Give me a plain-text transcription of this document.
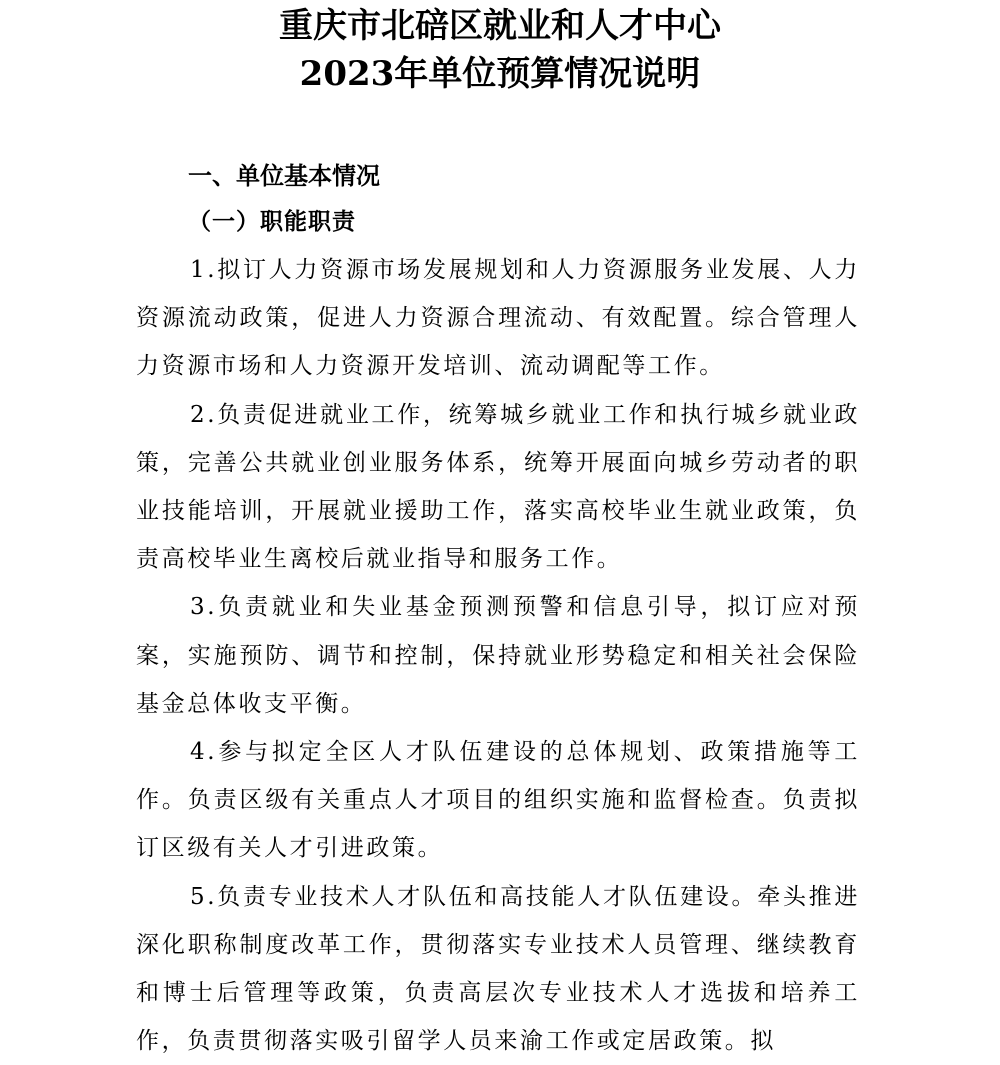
重庆市北碚区就业和人才中心
2023年单位预算情况说明
一、单位基本情况
（一）职能职责

1.拟订人力资源市场发展规划和人力资源服务业发展、人力资源流动政策，促进人力资源合理流动、有效配置。综合管理人力资源市场和人力资源开发培训、流动调配等工作。

2.负责促进就业工作，统筹城乡就业工作和执行城乡就业政策，完善公共就业创业服务体系，统筹开展面向城乡劳动者的职业技能培训，开展就业援助工作，落实高校毕业生就业政策，负责高校毕业生离校后就业指导和服务工作。

3.负责就业和失业基金预测预警和信息引导，拟订应对预案，实施预防、调节和控制，保持就业形势稳定和相关社会保险基金总体收支平衡。

4.参与拟定全区人才队伍建设的总体规划、政策措施等工作。负责区级有关重点人才项目的组织实施和监督检查。负责拟订区级有关人才引进政策。

5.负责专业技术人才队伍和高技能人才队伍建设。牵头推进深化职称制度改革工作，贯彻落实专业技术人员管理、继续教育和博士后管理等政策，负责高层次专业技术人才选拔和培养工作，负责贯彻落实吸引留学人员来渝工作或定居政策。拟
